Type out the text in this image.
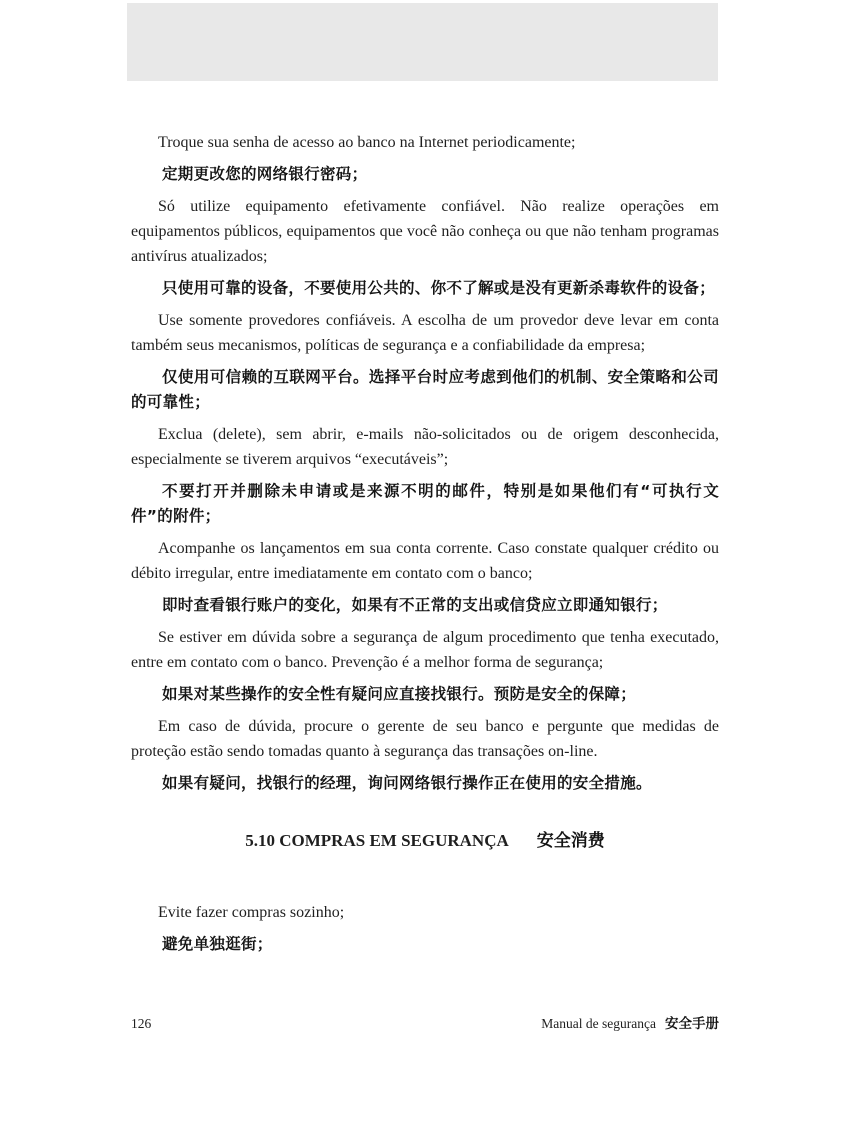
Troque sua senha de acesso ao banco na Internet periodicamente;

定期更改您的网络银行密码；

Só utilize equipamento efetivamente confiável. Não realize operações em equipamentos públicos, equipamentos que você não conheça ou que não tenham programas antivírus atualizados;

只使用可靠的设备，不要使用公共的、你不了解或是没有更新杀毒软件的设备；

Use somente provedores confiáveis. A escolha de um provedor deve levar em conta também seus mecanismos, políticas de segurança e a confiabilidade da empresa;

仅使用可信赖的互联网平台。选择平台时应考虑到他们的机制、安全策略和公司的可靠性；

Exclua (delete), sem abrir, e-mails não-solicitados ou de origem desconhecida, especialmente se tiverem arquivos “executáveis”;

不要打开并删除未申请或是来源不明的邮件，特别是如果他们有“可执行文件”的附件；

Acompanhe os lançamentos em sua conta corrente. Caso constate qualquer crédito ou débito irregular, entre imediatamente em contato com o banco;

即时查看银行账户的变化，如果有不正常的支出或信贷应立即通知银行；

Se estiver em dúvida sobre a segurança de algum procedimento que tenha executado, entre em contato com o banco. Prevenção é a melhor forma de segurança;

如果对某些操作的安全性有疑问应直接找银行。预防是安全的保障；

Em caso de dúvida, procure o gerente de seu banco e pergunte que medidas de proteção estão sendo tomadas quanto à segurança das transações on-line.

如果有疑问，找银行的经理，询问网络银行操作正在使用的安全措施。

5.10 COMPRAS EM SEGURANÇA 安全消费

Evite fazer compras sozinho;

避免单独逛街；

126	Manual de segurança 安全手册
